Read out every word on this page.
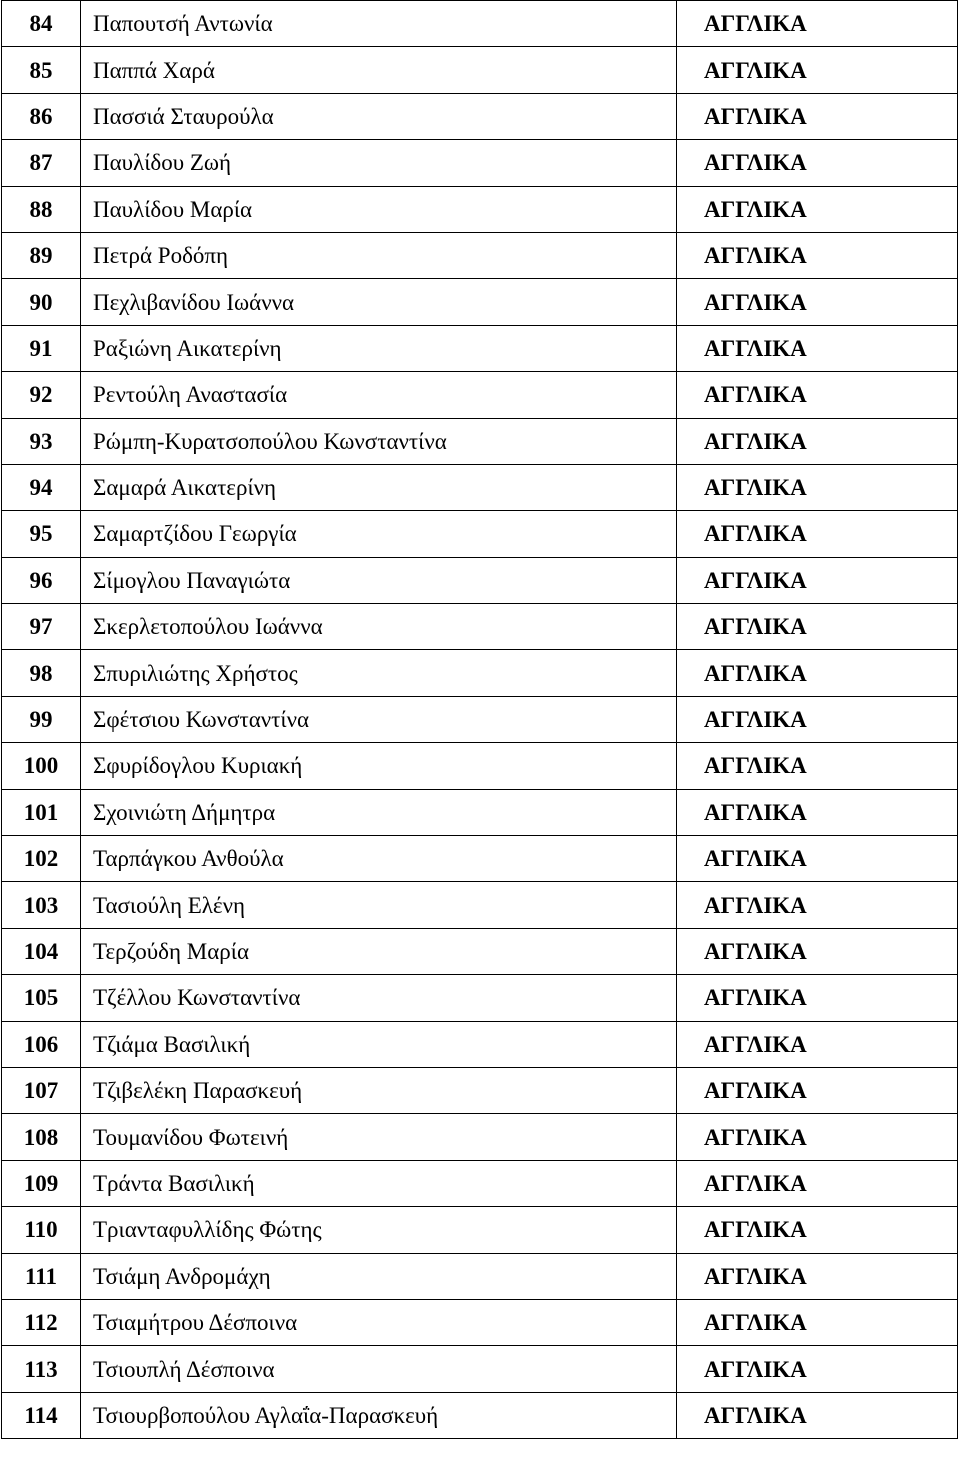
84	Παπουτσή Αντωνία	ΑΓΓΛΙΚΑ
85	Παππά Χαρά	ΑΓΓΛΙΚΑ
86	Πασσιά Σταυρούλα	ΑΓΓΛΙΚΑ
87	Παυλίδου Ζωή	ΑΓΓΛΙΚΑ
88	Παυλίδου Μαρία	ΑΓΓΛΙΚΑ
89	Πετρά Ροδόπη	ΑΓΓΛΙΚΑ
90	Πεχλιβανίδου Ιωάννα	ΑΓΓΛΙΚΑ
91	Ραξιώνη Αικατερίνη	ΑΓΓΛΙΚΑ
92	Ρεντούλη Αναστασία	ΑΓΓΛΙΚΑ
93	Ρώμπη-Κυρατσοπούλου Κωνσταντίνα	ΑΓΓΛΙΚΑ
94	Σαμαρά Αικατερίνη	ΑΓΓΛΙΚΑ
95	Σαμαρτζίδου Γεωργία	ΑΓΓΛΙΚΑ
96	Σίμογλου Παναγιώτα	ΑΓΓΛΙΚΑ
97	Σκερλετοπούλου Ιωάννα	ΑΓΓΛΙΚΑ
98	Σπυριλιώτης Χρήστος	ΑΓΓΛΙΚΑ
99	Σφέτσιου Κωνσταντίνα	ΑΓΓΛΙΚΑ
100	Σφυρίδογλου Κυριακή	ΑΓΓΛΙΚΑ
101	Σχοινιώτη Δήμητρα	ΑΓΓΛΙΚΑ
102	Ταρπάγκου Ανθούλα	ΑΓΓΛΙΚΑ
103	Τασιούλη Ελένη	ΑΓΓΛΙΚΑ
104	Τερζούδη Μαρία	ΑΓΓΛΙΚΑ
105	Τζέλλου Κωνσταντίνα	ΑΓΓΛΙΚΑ
106	Τζιάμα Βασιλική	ΑΓΓΛΙΚΑ
107	Τζιβελέκη Παρασκευή	ΑΓΓΛΙΚΑ
108	Τουμανίδου Φωτεινή	ΑΓΓΛΙΚΑ
109	Τράντα Βασιλική	ΑΓΓΛΙΚΑ
110	Τριανταφυλλίδης Φώτης	ΑΓΓΛΙΚΑ
111	Τσιάμη Ανδρομάχη	ΑΓΓΛΙΚΑ
112	Τσιαμήτρου Δέσποινα	ΑΓΓΛΙΚΑ
113	Τσιουπλή Δέσποινα	ΑΓΓΛΙΚΑ
114	Τσιουρβοπούλου Αγλαΐα-Παρασκευή	ΑΓΓΛΙΚΑ
